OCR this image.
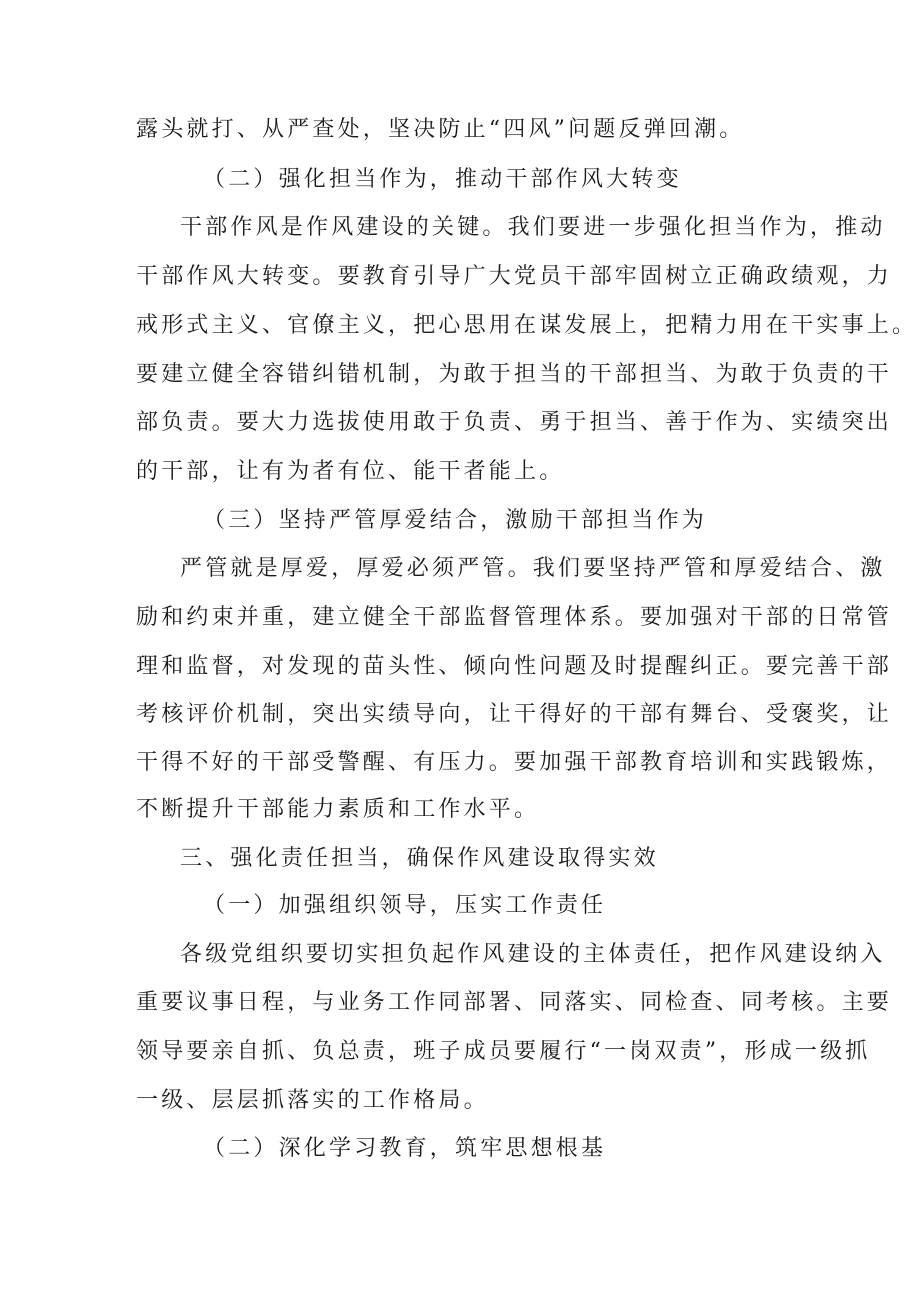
露头就打、从严查处，坚决防止“四风”问题反弹回潮。
（二）强化担当作为，推动干部作风大转变
干部作风是作风建设的关键。我们要进一步强化担当作为，推动
干部作风大转变。要教育引导广大党员干部牢固树立正确政绩观，力
戒形式主义、官僚主义，把心思用在谋发展上，把精力用在干实事上。
要建立健全容错纠错机制，为敢于担当的干部担当、为敢于负责的干
部负责。要大力选拔使用敢于负责、勇于担当、善于作为、实绩突出
的干部，让有为者有位、能干者能上。
（三）坚持严管厚爱结合，激励干部担当作为
严管就是厚爱，厚爱必须严管。我们要坚持严管和厚爱结合、激
励和约束并重，建立健全干部监督管理体系。要加强对干部的日常管
理和监督，对发现的苗头性、倾向性问题及时提醒纠正。要完善干部
考核评价机制，突出实绩导向，让干得好的干部有舞台、受褒奖，让
干得不好的干部受警醒、有压力。要加强干部教育培训和实践锻炼，
不断提升干部能力素质和工作水平。
三、强化责任担当，确保作风建设取得实效
（一）加强组织领导，压实工作责任
各级党组织要切实担负起作风建设的主体责任，把作风建设纳入
重要议事日程，与业务工作同部署、同落实、同检查、同考核。主要
领导要亲自抓、负总责，班子成员要履行“一岗双责”，形成一级抓
一级、层层抓落实的工作格局。
（二）深化学习教育，筑牢思想根基
